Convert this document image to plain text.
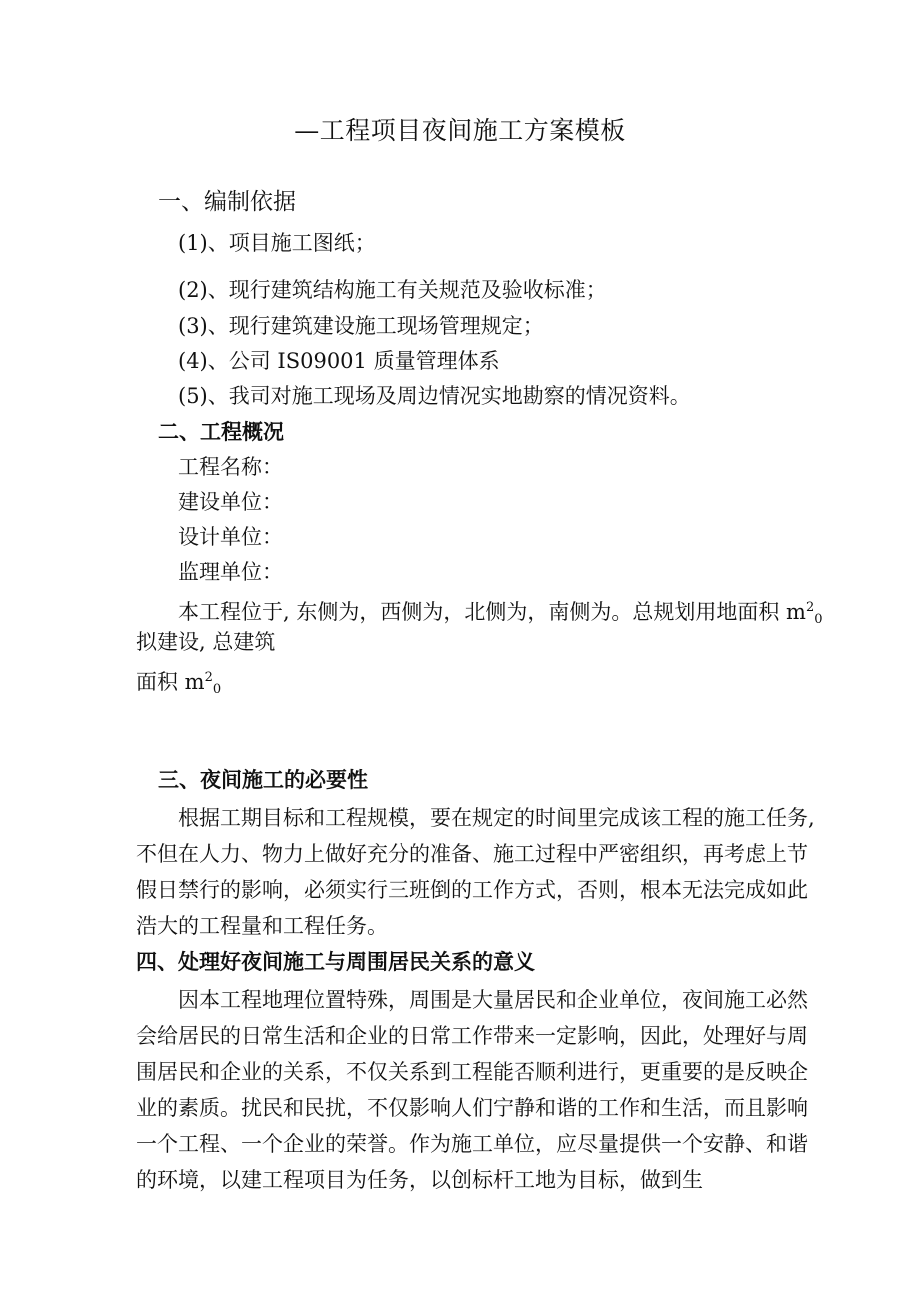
—工程项目夜间施工方案模板
一、编制依据
(1)、项目施工图纸；
(2)、现行建筑结构施工有关规范及验收标准；
(3)、现行建筑建设施工现场管理规定；
(4)、公司 IS09001 质量管理体系
(5)、我司对施工现场及周边情况实地勘察的情况资料。
二、工程概况
工程名称：
建设单位：
设计单位：
监理单位：
本工程位于, 东侧为，西侧为，北侧为，南侧为。总规划用地面积 $m^2_0$
拟建设, 总建筑
面积 $m^2_0$
三、夜间施工的必要性
根据工期目标和工程规模，要在规定的时间里完成该工程的施工任务,
不但在人力、物力上做好充分的准备、施工过程中严密组织，再考虑上节
假日禁行的影响，必须实行三班倒的工作方式，否则，根本无法完成如此
浩大的工程量和工程任务。
四、处理好夜间施工与周围居民关系的意义
因本工程地理位置特殊，周围是大量居民和企业单位，夜间施工必然
会给居民的日常生活和企业的日常工作带来一定影响，因此，处理好与周
围居民和企业的关系，不仅关系到工程能否顺利进行，更重要的是反映企
业的素质。扰民和民扰，不仅影响人们宁静和谐的工作和生活，而且影响
一个工程、一个企业的荣誉。作为施工单位，应尽量提供一个安静、和谐
的环境，以建工程项目为任务，以创标杆工地为目标，做到生
